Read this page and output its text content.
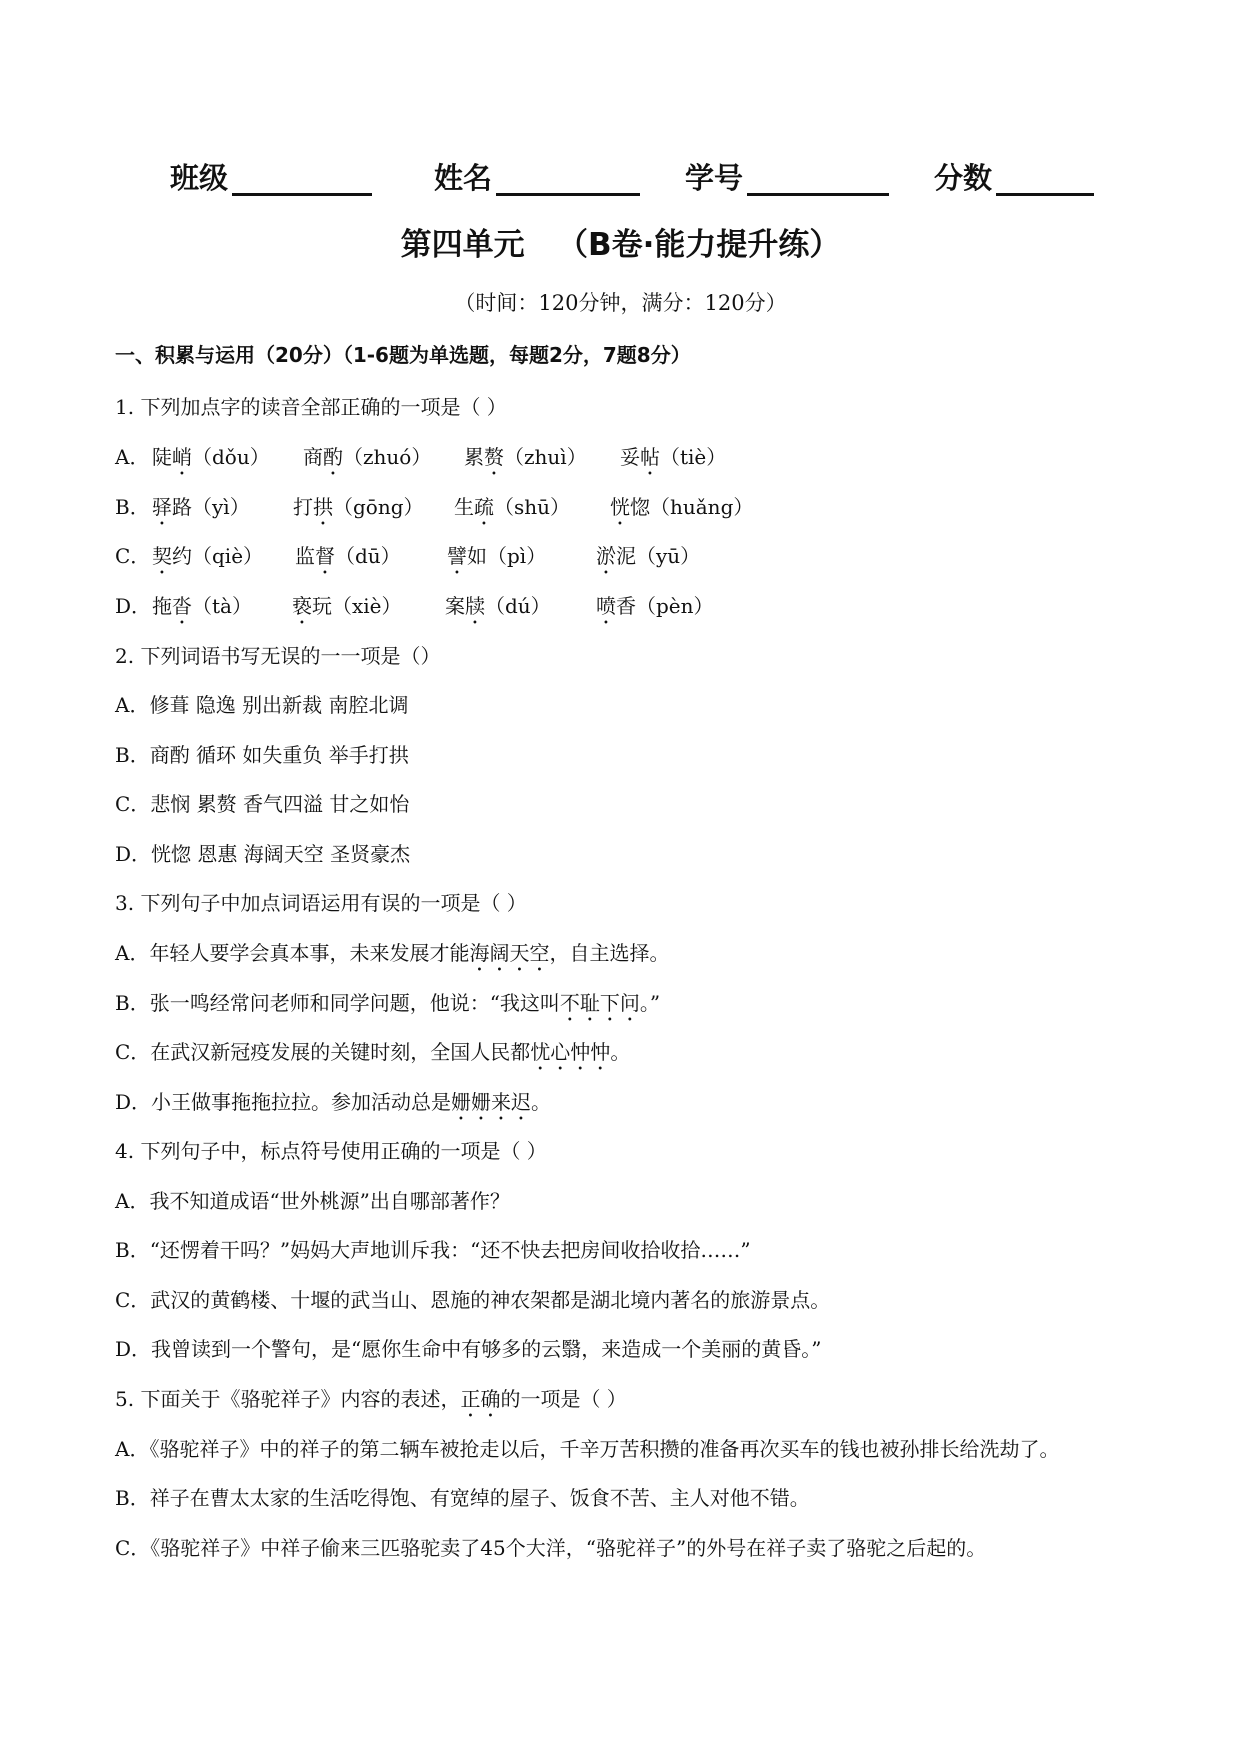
班级	姓名	学号	分数
第四单元   （B卷·能力提升练）
（时间：120分钟，满分：120分）
一、积累与运用（20分）（1-6题为单选题，每题2分，7题8分）
1. 下列加点字的读音全部正确的一项是（ ）
A． 陡峭（dǒu） 商酌（zhuó） 累赘（zhuì） 妥帖（tiè）
B． 驿路（yì） 打拱（gōng） 生疏（shū） 恍惚（huǎng）
C． 契约（qiè） 监督（dū） 譬如（pì） 淤泥（yū）
D． 拖沓（tà） 亵玩（xiè） 案牍（dú） 喷香（pèn）
2. 下列词语书写无误的一一项是（）
A．修葺 隐逸 别出新裁 南腔北调
B．商酌 循环 如失重负 举手打拱
C．悲悯 累赘 香气四溢 甘之如怡
D．恍惚 恩惠 海阔天空 圣贤豪杰
3. 下列句子中加点词语运用有误的一项是（ ）
A．年轻人要学会真本事，未来发展才能海阔天空，自主选择。
B．张一鸣经常问老师和同学问题，他说：“我这叫不耻下问。”
C．在武汉新冠疫发展的关键时刻，全国人民都忧心忡忡。
D．小王做事拖拖拉拉。参加活动总是姗姗来迟。
4. 下列句子中，标点符号使用正确的一项是（ ）
A．我不知道成语“世外桃源”出自哪部著作？
B．“还愣着干吗？”妈妈大声地训斥我：“还不快去把房间收拾收拾……”
C．武汉的黄鹤楼、十堰的武当山、恩施的神农架都是湖北境内著名的旅游景点。
D．我曾读到一个警句，是“愿你生命中有够多的云翳，来造成一个美丽的黄昏。”
5. 下面关于《骆驼祥子》内容的表述，正确的一项是（ ）
A．《骆驼祥子》中的祥子的第二辆车被抢走以后，千辛万苦积攒的准备再次买车的钱也被孙排长给洗劫了。
B．祥子在曹太太家的生活吃得饱、有宽绰的屋子、饭食不苦、主人对他不错。
C．《骆驼祥子》中祥子偷来三匹骆驼卖了45个大洋，“骆驼祥子”的外号在祥子卖了骆驼之后起的。
